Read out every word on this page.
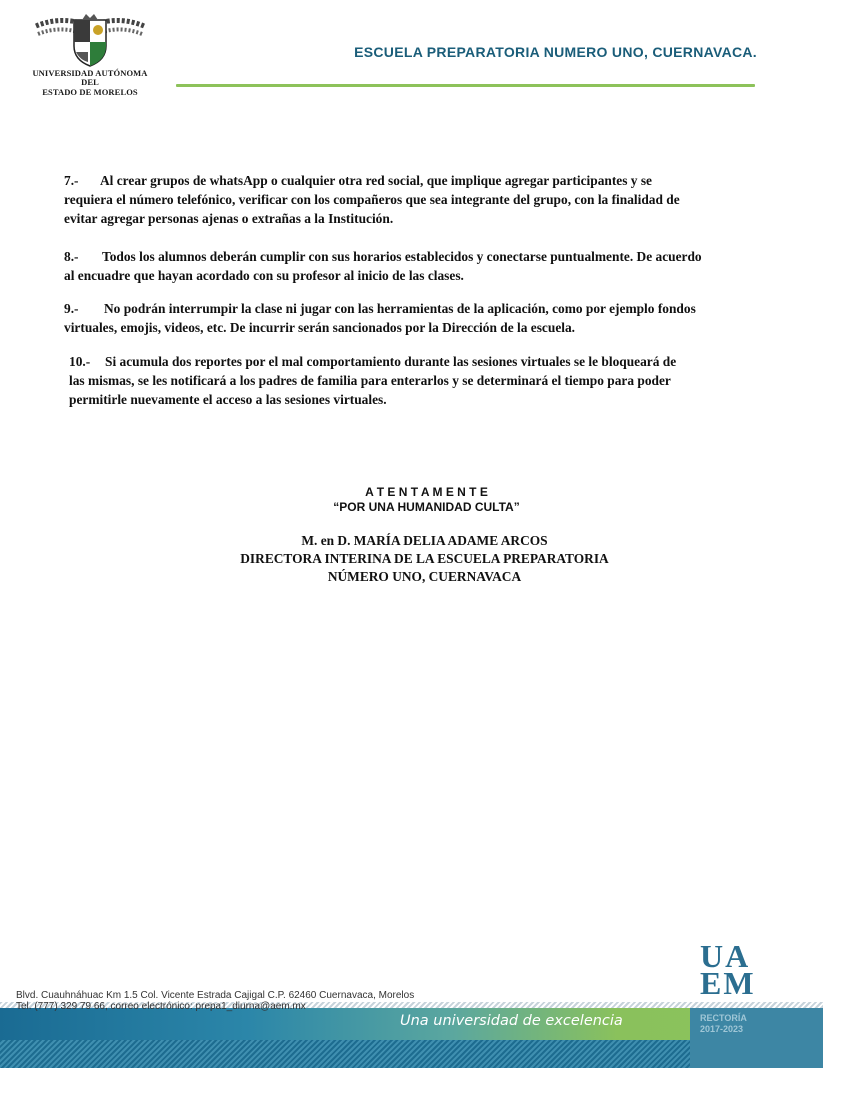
UNIVERSIDAD AUTÓNOMA DEL
ESTADO DE MORELOS
ESCUELA PREPARATORIA NUMERO UNO, CUERNAVACA.

7.- Al crear grupos de whatsApp o cualquier otra red social, que implique agregar participantes y se

requiera el número telefónico, verificar con los compañeros que sea integrante del grupo, con la finalidad de

evitar agregar personas ajenas o extrañas a la Institución.

8.- Todos los alumnos deberán cumplir con sus horarios establecidos y conectarse puntualmente. De acuerdo

al encuadre que hayan acordado con su profesor al inicio de las clases.

9.- No podrán interrumpir la clase ni jugar con las herramientas de la aplicación, como por ejemplo fondos

virtuales, emojis, videos, etc. De incurrir serán sancionados por la Dirección de la escuela.

10.- Si acumula dos reportes por el mal comportamiento durante las sesiones virtuales se le bloqueará de

las mismas, se les notificará a los padres de familia para enterarlos y se determinará el tiempo para poder

permitirle nuevamente el acceso a las sesiones virtuales.

A T E N T A M E N T E
“POR UNA HUMANIDAD CULTA”
M. en D. MARÍA DELIA ADAME ARCOS
DIRECTORA INTERINA DE LA ESCUELA PREPARATORIA
NÚMERO UNO, CUERNAVACA
UA
EM
Una universidad de excelencia	RECTORÍA
2017-2023
Blvd. Cuauhnáhuac Km 1.5 Col. Vicente Estrada Cajigal C.P. 62460 Cuernavaca, Morelos
Tel. (777) 329 79 66, correo electrónico: prepa1_diurna@aem.mx
